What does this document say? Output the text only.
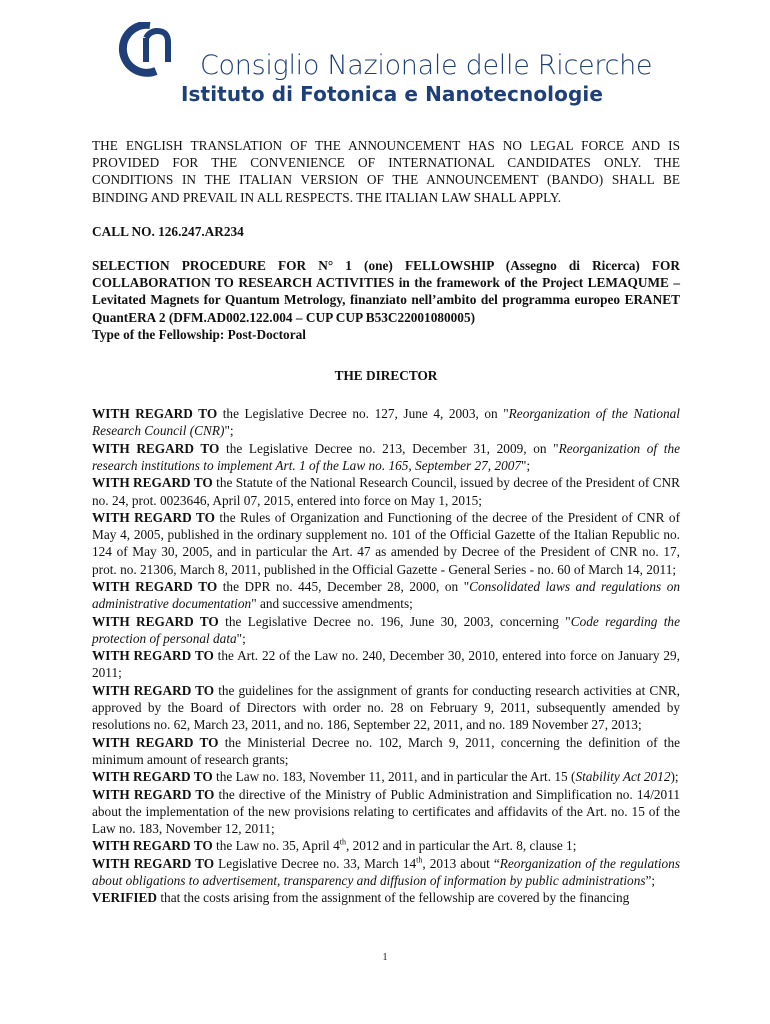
Consiglio Nazionale delle Ricerche
Istituto di Fotonica e Nanotecnologie

THE ENGLISH TRANSLATION OF THE ANNOUNCEMENT HAS NO LEGAL FORCE AND IS PROVIDED FOR THE CONVENIENCE OF INTERNATIONAL CANDIDATES ONLY. THE CONDITIONS IN THE ITALIAN VERSION OF THE ANNOUNCEMENT (BANDO) SHALL BE BINDING AND PREVAIL IN ALL RESPECTS. THE ITALIAN LAW SHALL APPLY.

CALL NO. 126.247.AR234

SELECTION PROCEDURE FOR N° 1 (one) FELLOWSHIP (Assegno di Ricerca) FOR COLLABORATION TO RESEARCH ACTIVITIES in the framework of the Project LEMAQUME – Levitated Magnets for Quantum Metrology, finanziato nell’ambito del programma europeo ERANET QuantERA 2 (DFM.AD002.122.004 – CUP CUP B53C22001080005)

Type of the Fellowship: Post-Doctoral

THE DIRECTOR

WITH REGARD TO the Legislative Decree no. 127, June 4, 2003, on "Reorganization of the National Research Council (CNR)";

WITH REGARD TO the Legislative Decree no. 213, December 31, 2009, on "Reorganization of the research institutions to implement Art. 1 of the Law no. 165, September 27, 2007";

WITH REGARD TO the Statute of the National Research Council, issued by decree of the President of CNR no. 24, prot. 0023646, April 07, 2015, entered into force on May 1, 2015;

WITH REGARD TO the Rules of Organization and Functioning of the decree of the President of CNR of May 4, 2005, published in the ordinary supplement no. 101 of the Official Gazette of the Italian Republic no. 124 of May 30, 2005, and in particular the Art. 47 as amended by Decree of the President of CNR no. 17, prot. no. 21306, March 8, 2011, published in the Official Gazette - General Series - no. 60 of March 14, 2011;

WITH REGARD TO the DPR no. 445, December 28, 2000, on "Consolidated laws and regulations on administrative documentation" and successive amendments;

WITH REGARD TO the Legislative Decree no. 196, June 30, 2003, concerning "Code regarding the protection of personal data";

WITH REGARD TO the Art. 22 of the Law no. 240, December 30, 2010, entered into force on January 29, 2011;

WITH REGARD TO the guidelines for the assignment of grants for conducting research activities at CNR, approved by the Board of Directors with order no. 28 on February 9, 2011, subsequently amended by resolutions no. 62, March 23, 2011, and no. 186, September 22, 2011, and no. 189 November 27, 2013;

WITH REGARD TO the Ministerial Decree no. 102, March 9, 2011, concerning the definition of the minimum amount of research grants;

WITH REGARD TO the Law no. 183, November 11, 2011, and in particular the Art. 15 (Stability Act 2012);

WITH REGARD TO the directive of the Ministry of Public Administration and Simplification no. 14/2011 about the implementation of the new provisions relating to certificates and affidavits of the Art. no. 15 of the Law no. 183, November 12, 2011;

WITH REGARD TO the Law no. 35, April 4th, 2012 and in particular the Art. 8, clause 1;

WITH REGARD TO Legislative Decree no. 33, March 14th, 2013 about “Reorganization of the regulations about obligations to advertisement, transparency and diffusion of information by public administrations”;

VERIFIED that the costs arising from the assignment of the fellowship are covered by the financing

1
